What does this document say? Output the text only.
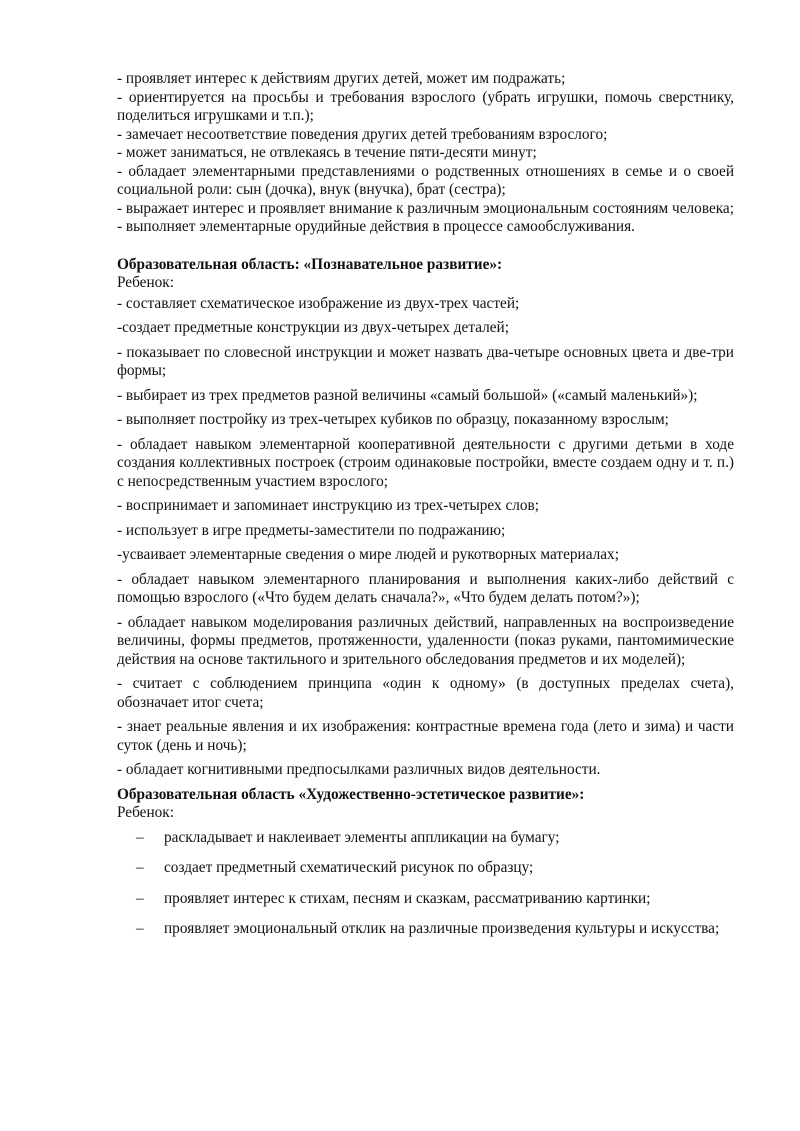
- проявляет интерес к действиям других детей, может им подражать;

- ориентируется на просьбы и требования взрослого (убрать игрушки, помочь сверстнику, поделиться игрушками и т.п.);

- замечает несоответствие поведения других детей требованиям взрослого;

- может заниматься, не отвлекаясь в течение пяти-десяти минут;

- обладает элементарными представлениями о родственных отношениях в семье и о своей социальной роли: сын (дочка), внук (внучка), брат (сестра);

- выражает интерес и проявляет внимание к различным эмоциональным состояниям человека;

- выполняет элементарные орудийные действия в процессе самообслуживания.

Образовательная область: «Познавательное развитие»:

Ребенок:

- составляет схематическое изображение из двух-трех частей;

-создает предметные конструкции из двух-четырех деталей;

- показывает по словесной инструкции и может назвать два-четыре основных цвета и две-три формы;

- выбирает из трех предметов разной величины «самый большой» («самый маленький»);

- выполняет постройку из трех-четырех кубиков по образцу, показанному взрослым;

- обладает навыком элементарной кооперативной деятельности с другими детьми в ходе создания коллективных построек (строим одинаковые постройки, вместе создаем одну и т. п.) с непосредственным участием взрослого;

- воспринимает и запоминает инструкцию из трех-четырех слов;

- использует в игре предметы-заместители по подражанию;

-усваивает элементарные сведения о мире людей и рукотворных материалах;

- обладает навыком элементарного планирования и выполнения каких-либо действий с помощью взрослого («Что будем делать сначала?», «Что будем делать потом?»);

- обладает навыком моделирования различных действий, направленных на воспроизведение величины, формы предметов, протяженности, удаленности (показ руками, пантомимические действия на основе тактильного и зрительного обследования предметов и их моделей);

- считает с соблюдением принципа «один к одному» (в доступных пределах счета), обозначает итог счета;

- знает реальные явления и их изображения: контрастные времена года (лето и зима) и части суток (день и ночь);

- обладает когнитивными предпосылками различных видов деятельности.

Образовательная область «Художественно-эстетическое развитие»:

Ребенок:

– раскладывает и наклеивает элементы аппликации на бумагу;
– создает предметный схематический рисунок по образцу;
– проявляет интерес к стихам, песням и сказкам, рассматриванию картинки;
– проявляет эмоциональный отклик на различные произведения культуры и искусства;
